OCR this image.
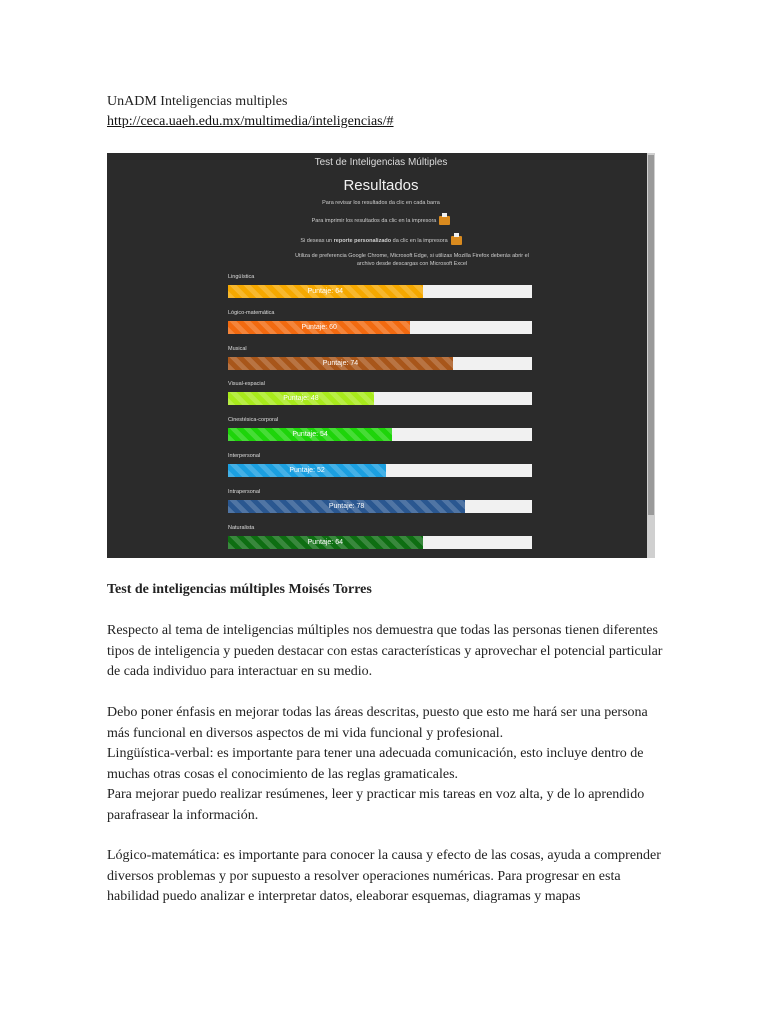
UnADM Inteligencias multiples

http://ceca.uaeh.edu.mx/multimedia/inteligencias/#

Test de Inteligencias Múltiples
Resultados
Para revisar los resultados da clic en cada barra
Para imprimir los resultados da clic en la impresora
Si deseas un reporte personalizado da clic en la impresora
Utiliza de preferencia Google Chrome, Microsoft Edge, si utilizas Mozilla Firefox deberás abrir el archivo desde descargas con Microsoft Excel
Lingüística
Puntaje: 64
Lógico-matemática
Puntaje: 60
Musical
Puntaje: 74
Visual-espacial
Puntaje: 48
Cinestésica-corporal
Puntaje: 54
Interpersonal
Puntaje: 52
Intrapersonal
Puntaje: 78
Naturalista
Puntaje: 64
Test de inteligencias múltiples Moisés Torres
Respecto al tema de inteligencias múltiples nos demuestra que todas las personas tienen diferentes tipos de inteligencia y pueden destacar con estas características y aprovechar el potencial particular de cada individuo para interactuar en su medio.
Debo poner énfasis en mejorar todas las áreas descritas, puesto que esto me hará ser una persona más funcional en diversos aspectos de mi vida funcional y profesional.
Lingüística-verbal: es importante para tener una adecuada comunicación, esto incluye dentro de muchas otras cosas el conocimiento de las reglas gramaticales.
Para mejorar puedo realizar resúmenes, leer y practicar mis tareas en voz alta, y de lo aprendido parafrasear la información.
Lógico-matemática: es importante para conocer la causa y efecto de las cosas, ayuda a comprender diversos problemas y por supuesto a resolver operaciones numéricas. Para progresar en esta habilidad puedo analizar e interpretar datos, eleaborar esquemas, diagramas y mapas
